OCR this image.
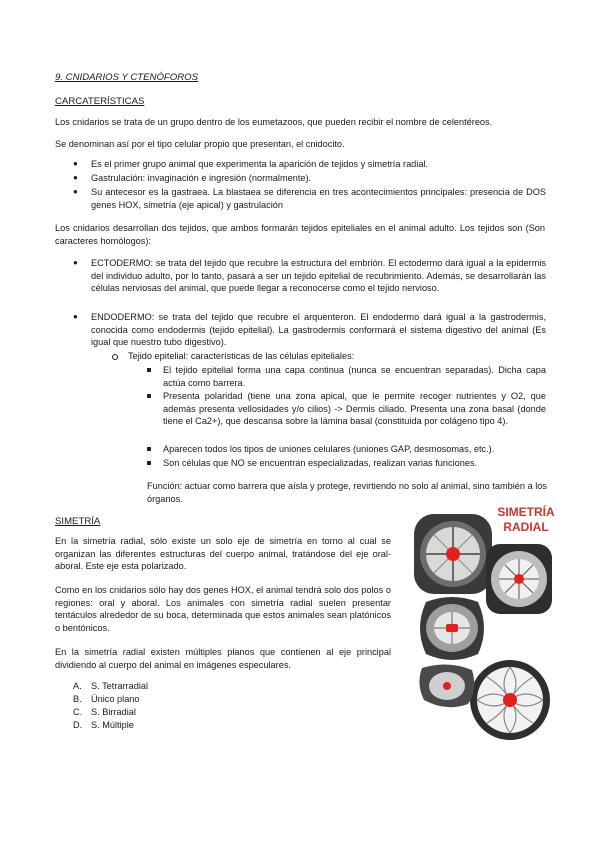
9. CNIDARIOS Y CTENÓFOROS
CARCATERÍSTICAS
Los cnidarios se trata de un grupo dentro de los eumetazoos, que pueden recibir el nombre de celentéreos.
Se denominan así por el tipo celular propio que presentan, el cnidocito.
● Es el primer grupo animal que experimenta la aparición de tejidos y simetría radial.
● Gastrulación: invaginación e ingresión (normalmente).
● Su antecesor es la gastraea. La blastaea se diferencia en tres acontecimientos principales: presencia de DOS genes HOX, simetría (eje apical) y gastrulación
Los cnidarios desarrollan dos tejidos, que ambos formarán tejidos epiteliales en el animal adulto. Los tejidos son (Son caracteres homólogos):
● ECTODERMO: se trata del tejido que recubre la estructura del embrión. El ectodermo dará igual a la epidermis del individuo adulto, por lo tanto, pasará a ser un tejido epitelial de recubrimiento. Además, se desarrollarán las células nerviosas del animal, que puede llegar a reconocerse como el tejido nervioso.
● ENDODERMO: se trata del tejido que recubre el arquenteron. El endodermo dará igual a la gastrodermis, conocida como endodermis (tejido epitelial). La gastrodermis conformará el sistema digestivo del animal (Es igual que nuestro tubo digestivo).
Tejido epitelial: características de las células epiteliales:
El tejido epitelial forma una capa continua (nunca se encuentran separadas). Dicha capa actúa como barrera.
Presenta polaridad (tiene una zona apical, que le permite recoger nutrientes y O2, que además presenta vellosidades y/o cilios) -> Dermis ciliado. Presenta una zona basal (donde tiene el Ca2+), que descansa sobre la lámina basal (constituida por colágeno tipo 4).
Aparecen todos los tipos de uniones celulares (uniones GAP, desmosomas, etc.).
Son células que NO se encuentran especializadas, realizan varias funciones.
Función: actuar como barrera que aísla y protege, revirtiendo no solo al animal, sino también a los órganos.
SIMETRÍA
En la simetría radial, sólo existe un solo eje de simetría en torno al cual se organizan las diferentes estructuras del cuerpo animal, tratándose del eje oral-aboral. Este eje esta polarizado.
Como en los cnidarios sólo hay dos genes HOX, el animal tendrá solo dos polos o regiones: oral y aboral. Los animales con simetría radial suelen presentar tentáculos alrededor de su boca, determinada que estos animales sean platónicos o bentónicos.
En la simetría radial existen múltiples planos que contienen al eje principal dividiendo al cuerpo del animal en imágenes especulares.
A. S. Tetrarradial
B. Único plano
C. S. Birradial
D. S. Múltiple
SIMETRÍA
RADIAL
